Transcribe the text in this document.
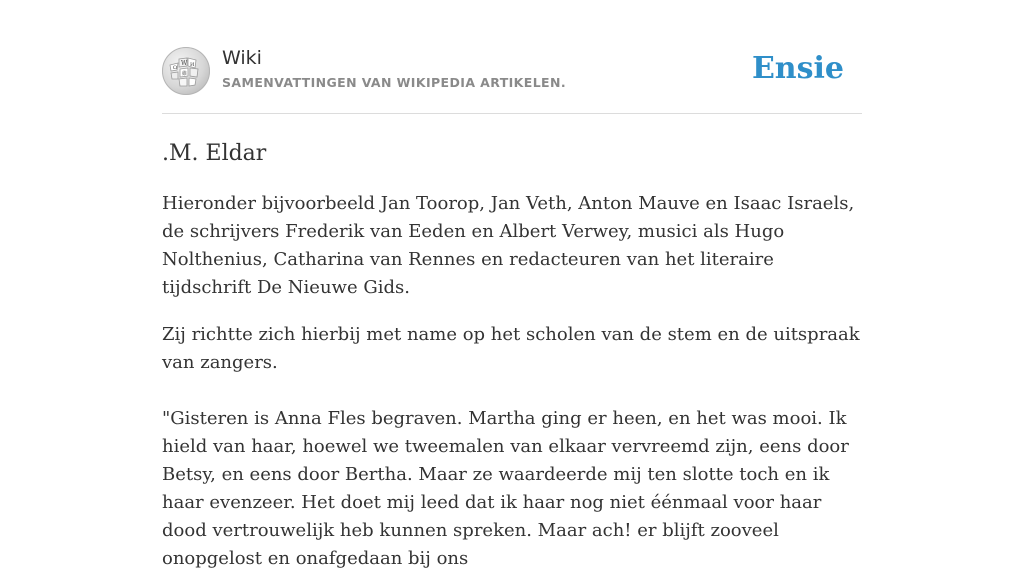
W И
Ω
維
Wiki
SAMENVATTINGEN VAN WIKIPEDIA ARTIKELEN.	Ensie
.M. Eldar

Hieronder bijvoorbeeld Jan Toorop, Jan Veth, Anton Mauve en Isaac Israels, de schrijvers Frederik van Eeden en Albert Verwey, musici als Hugo Nolthenius, Catharina van Rennes en redacteuren van het literaire tijdschrift De Nieuwe Gids.

Zij richtte zich hierbij met name op het scholen van de stem en de uitspraak van zangers.

"Gisteren is Anna Fles begraven. Martha ging er heen, en het was mooi. Ik hield van haar, hoewel we tweemalen van elkaar vervreemd zijn, eens door Betsy, en eens door Bertha. Maar ze waardeerde mij ten slotte toch en ik haar evenzeer. Het doet mij leed dat ik haar nog niet éénmaal voor haar dood vertrouwelijk heb kunnen spreken. Maar ach! er blijft zooveel onopgelost en onafgedaan bij ons
